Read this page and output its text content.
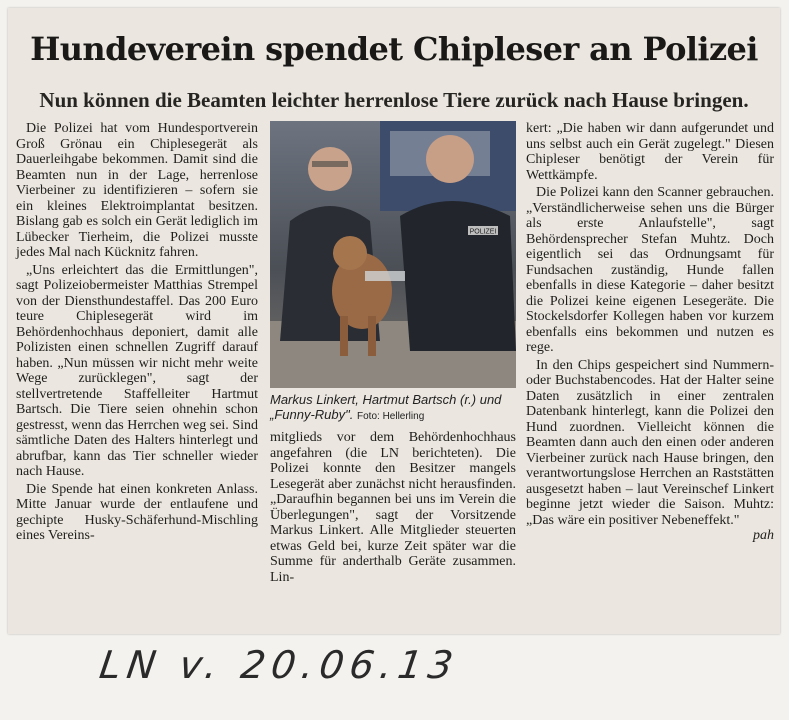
Hundeverein spendet Chipleser an Polizei
Nun können die Beamten leichter herrenlose Tiere zurück nach Hause bringen.

Die Polizei hat vom Hundesportverein Groß Grönau ein Chiplesegerät als Dauerleihgabe bekommen. Damit sind die Beamten nun in der Lage, herrenlose Vierbeiner zu identifizieren – sofern sie ein kleines Elektroimplantat besitzen. Bislang gab es solch ein Gerät lediglich im Lübecker Tierheim, die Polizei musste jedes Mal nach Kücknitz fahren.

„Uns erleichtert das die Ermittlungen", sagt Polizeiobermeister Matthias Strempel von der Diensthundestaffel. Das 200 Euro teure Chiplesegerät wird im Behördenhochhaus deponiert, damit alle Polizisten einen schnellen Zugriff darauf haben. „Nun müssen wir nicht mehr weite Wege zurücklegen", sagt der stellvertretende Staffelleiter Hartmut Bartsch. Die Tiere seien ohnehin schon gestresst, wenn das Herrchen weg sei. Sind sämtliche Daten des Halters hinterlegt und abrufbar, kann das Tier schneller wieder nach Hause.

Die Spende hat einen konkreten Anlass. Mitte Januar wurde der entlaufene und gechipte Husky-Schäferhund-Mischling eines Vereins-

POLIZEI
Markus Linkert, Hartmut Bartsch (r.) und „Funny-Ruby". Foto: Hellerling

mitglieds vor dem Behördenhochhaus angefahren (die LN berichteten). Die Polizei konnte den Besitzer mangels Lesegerät aber zunächst nicht herausfinden. „Daraufhin begannen bei uns im Verein die Überlegungen", sagt der Vorsitzende Markus Linkert. Alle Mitglieder steuerten etwas Geld bei, kurze Zeit später war die Summe für anderthalb Geräte zusammen. Lin-

kert: „Die haben wir dann aufgerundet und uns selbst auch ein Gerät zugelegt." Diesen Chipleser benötigt der Verein für Wettkämpfe.

Die Polizei kann den Scanner gebrauchen. „Verständlicherweise sehen uns die Bürger als erste Anlaufstelle", sagt Behördensprecher Stefan Muhtz. Doch eigentlich sei das Ordnungsamt für Fundsachen zuständig, Hunde fallen ebenfalls in diese Kategorie – daher besitzt die Polizei keine eigenen Lesegeräte. Die Stockelsdorfer Kollegen haben vor kurzem ebenfalls eins bekommen und nutzen es rege.

In den Chips gespeichert sind Nummern- oder Buchstabencodes. Hat der Halter seine Daten zusätzlich in einer zentralen Datenbank hinterlegt, kann die Polizei den Hund zuordnen. Vielleicht können die Beamten dann auch den einen oder anderen Vierbeiner zurück nach Hause bringen, den verantwortungslose Herrchen an Raststätten ausgesetzt haben – laut Vereinschef Linkert beginne jetzt wieder die Saison. Muhtz: „Das wäre ein positiver Nebeneffekt."

pah

LN v. 20.06.13
